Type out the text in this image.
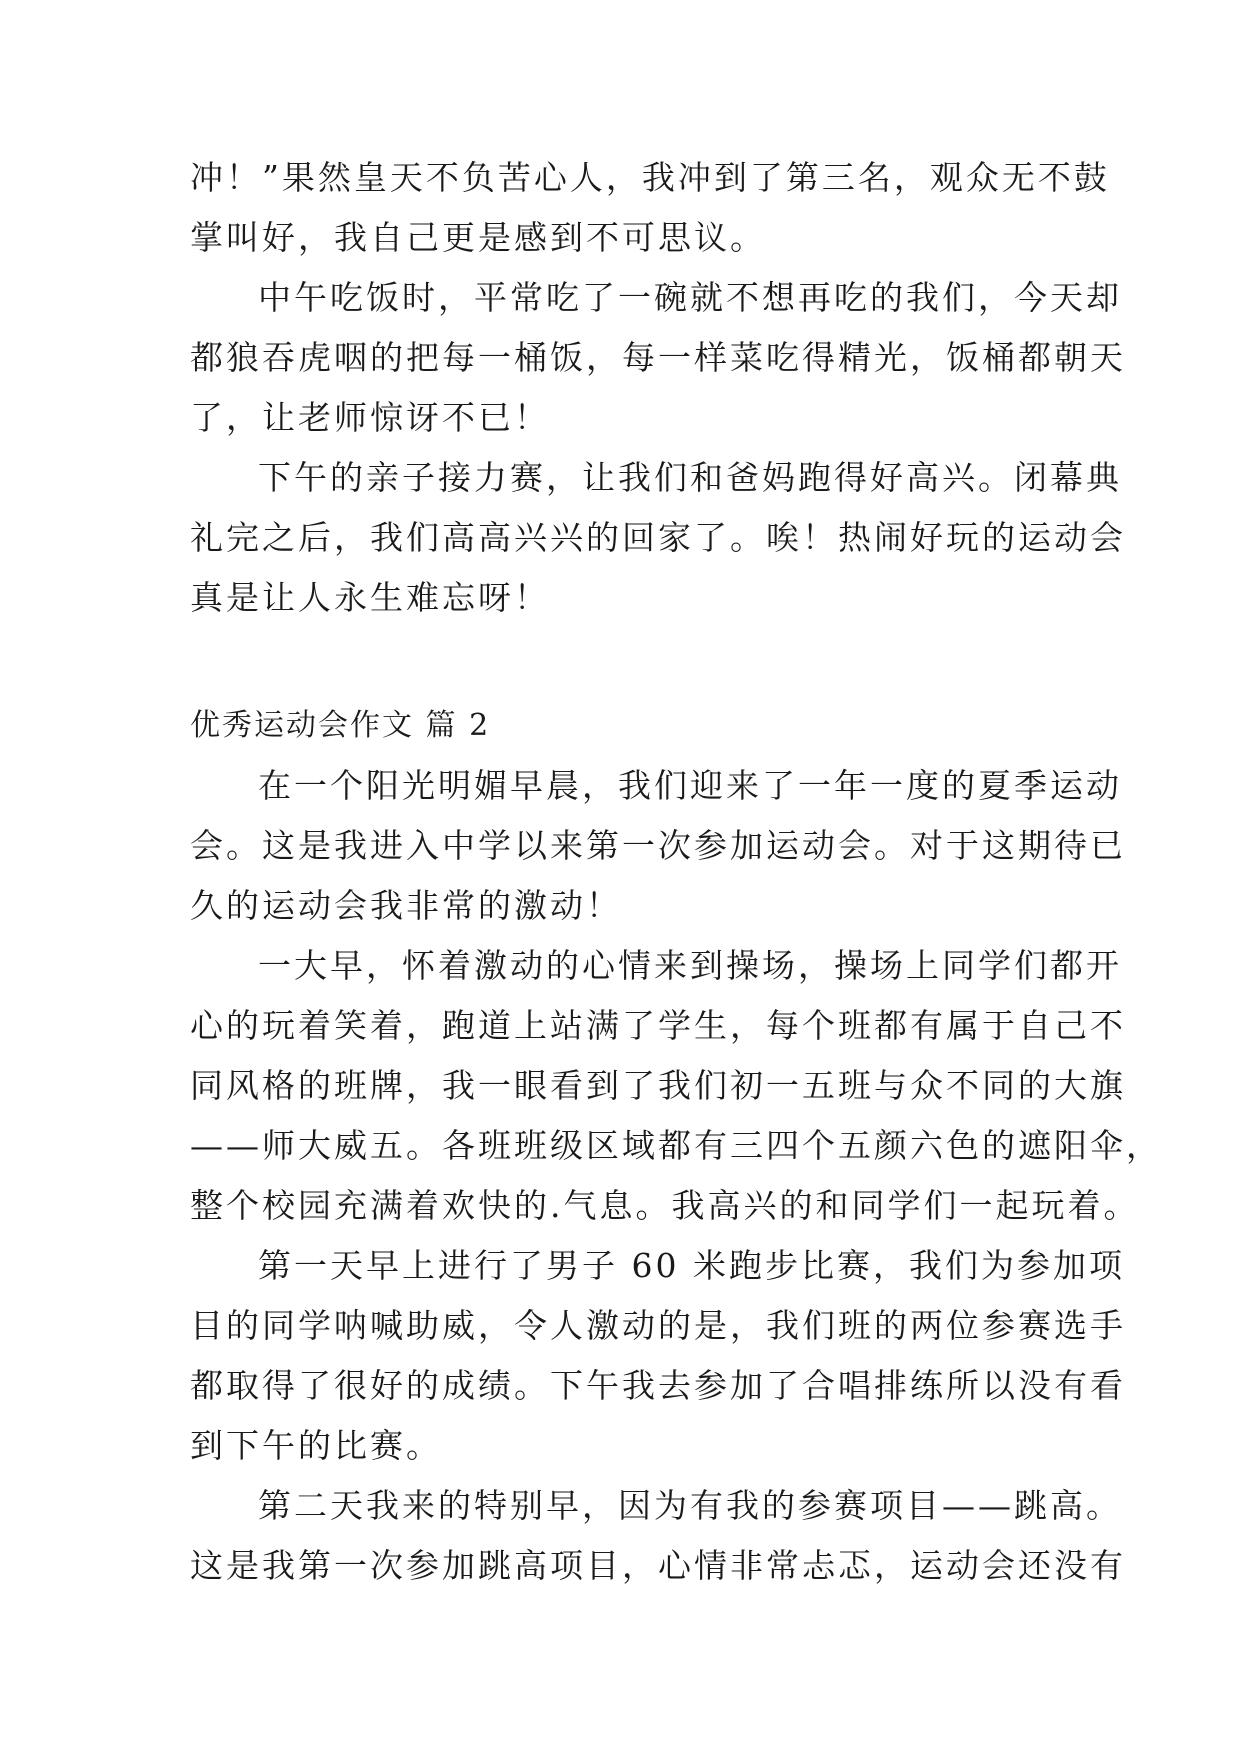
冲！”果然皇天不负苦心人，我冲到了第三名，观众无不鼓
掌叫好，我自己更是感到不可思议。
中午吃饭时，平常吃了一碗就不想再吃的我们，今天却
都狼吞虎咽的把每一桶饭，每一样菜吃得精光，饭桶都朝天
了，让老师惊讶不已！
下午的亲子接力赛，让我们和爸妈跑得好高兴。闭幕典
礼完之后，我们高高兴兴的回家了。唉！热闹好玩的运动会
真是让人永生难忘呀！
优秀运动会作文 篇 2
在一个阳光明媚早晨，我们迎来了一年一度的夏季运动
会。这是我进入中学以来第一次参加运动会。对于这期待已
久的运动会我非常的激动！
一大早，怀着激动的心情来到操场，操场上同学们都开
心的玩着笑着，跑道上站满了学生，每个班都有属于自己不
同风格的班牌，我一眼看到了我们初一五班与众不同的大旗
——师大威五。各班班级区域都有三四个五颜六色的遮阳伞，
整个校园充满着欢快的.气息。我高兴的和同学们一起玩着。
第一天早上进行了男子 60 米跑步比赛，我们为参加项
目的同学呐喊助威，令人激动的是，我们班的两位参赛选手
都取得了很好的成绩。下午我去参加了合唱排练所以没有看
到下午的比赛。
第二天我来的特别早，因为有我的参赛项目——跳高。
这是我第一次参加跳高项目，心情非常忐忑，运动会还没有
